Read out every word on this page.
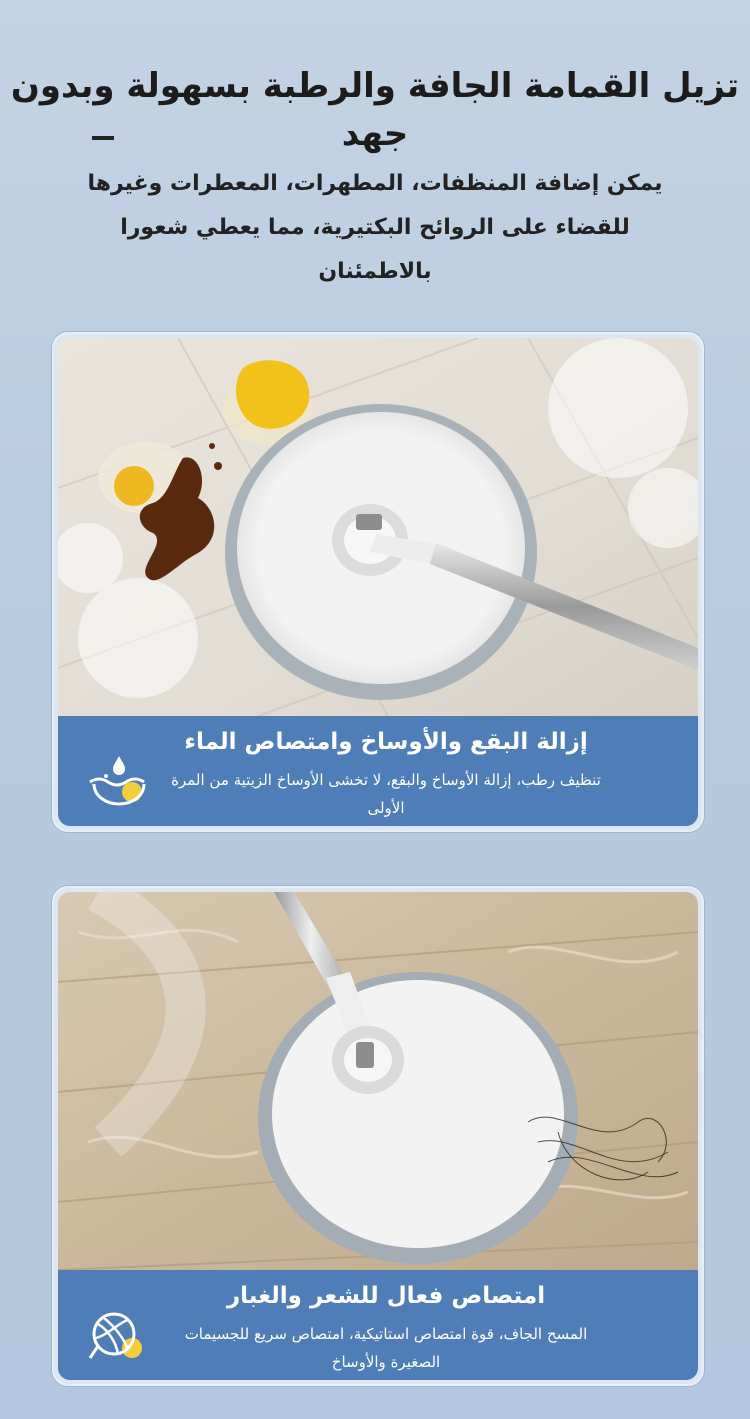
تزيل القمامة الجافة والرطبة بسهولة وبدون جهد
يمكن إضافة المنظفات، المطهرات، المعطرات وغيرها للقضاء على الروائح البكتيرية، مما يعطي شعورا بالاطمئنان
إزالة البقع والأوساخ وامتصاص الماء
تنظيف رطب، إزالة الأوساخ والبقع، لا تخشى الأوساخ الزيتية من المرة الأولى
امتصاص فعال للشعر والغبار
المسح الجاف، قوة امتصاص استاتيكية، امتصاص سريع للجسيمات الصغيرة والأوساخ
